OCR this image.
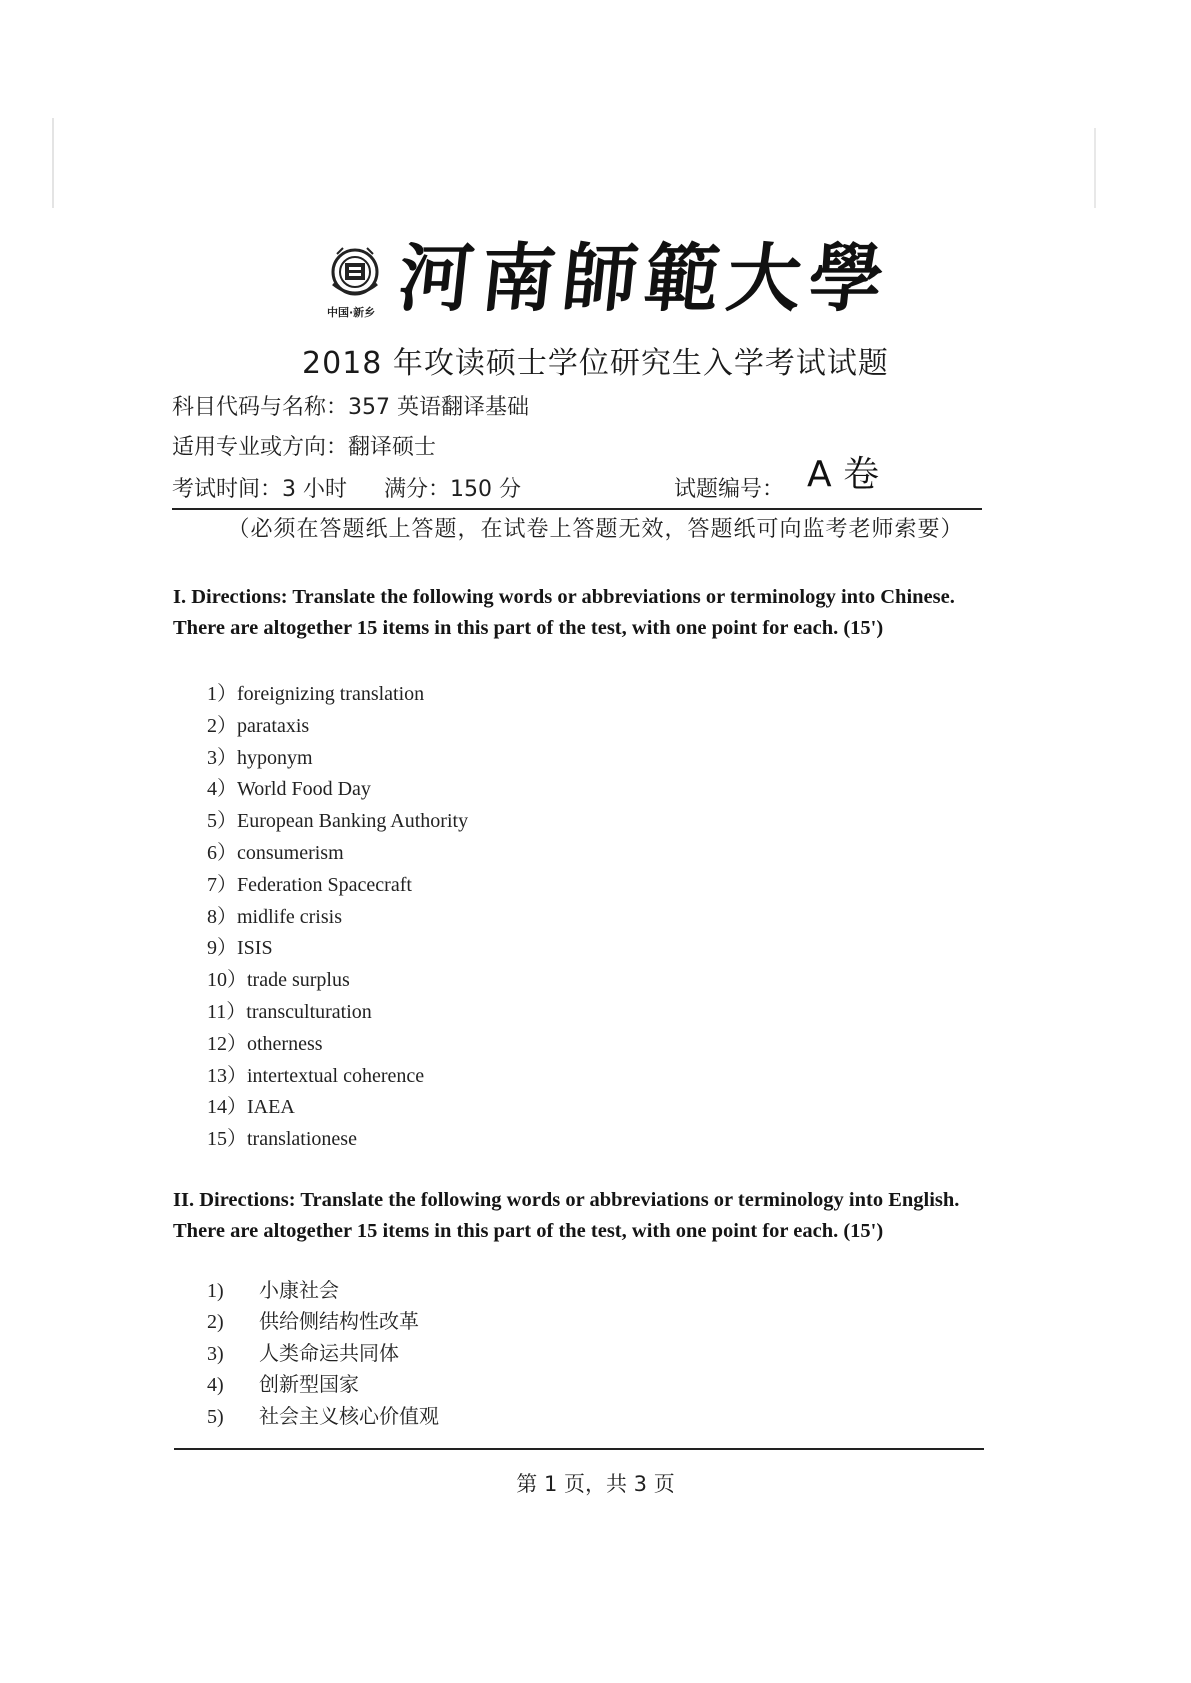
中国·新乡 河南師範大學
2018 年攻读硕士学位研究生入学考试试题
科目代码与名称：357 英语翻译基础
适用专业或方向：翻译硕士
考试时间：3 小时 满分：150 分	试题编号： A 卷
（必须在答题纸上答题，在试卷上答题无效，答题纸可向监考老师索要）
I. Directions: Translate the following words or abbreviations or terminology into Chinese. There are altogether 15 items in this part of the test, with one point for each. (15')
1）foreignizing translation
2）parataxis
3）hyponym
4）World Food Day
5）European Banking Authority
6）consumerism
7）Federation Spacecraft
8）midlife crisis
9）ISIS
10）trade surplus
11）transculturation
12）otherness
13）intertextual coherence
14）IAEA
15）translationese
II. Directions: Translate the following words or abbreviations or terminology into English. There are altogether 15 items in this part of the test, with one point for each. (15')
1) 小康社会
2) 供给侧结构性改革
3) 人类命运共同体
4) 创新型国家
5) 社会主义核心价值观
第 1 页，共 3 页
